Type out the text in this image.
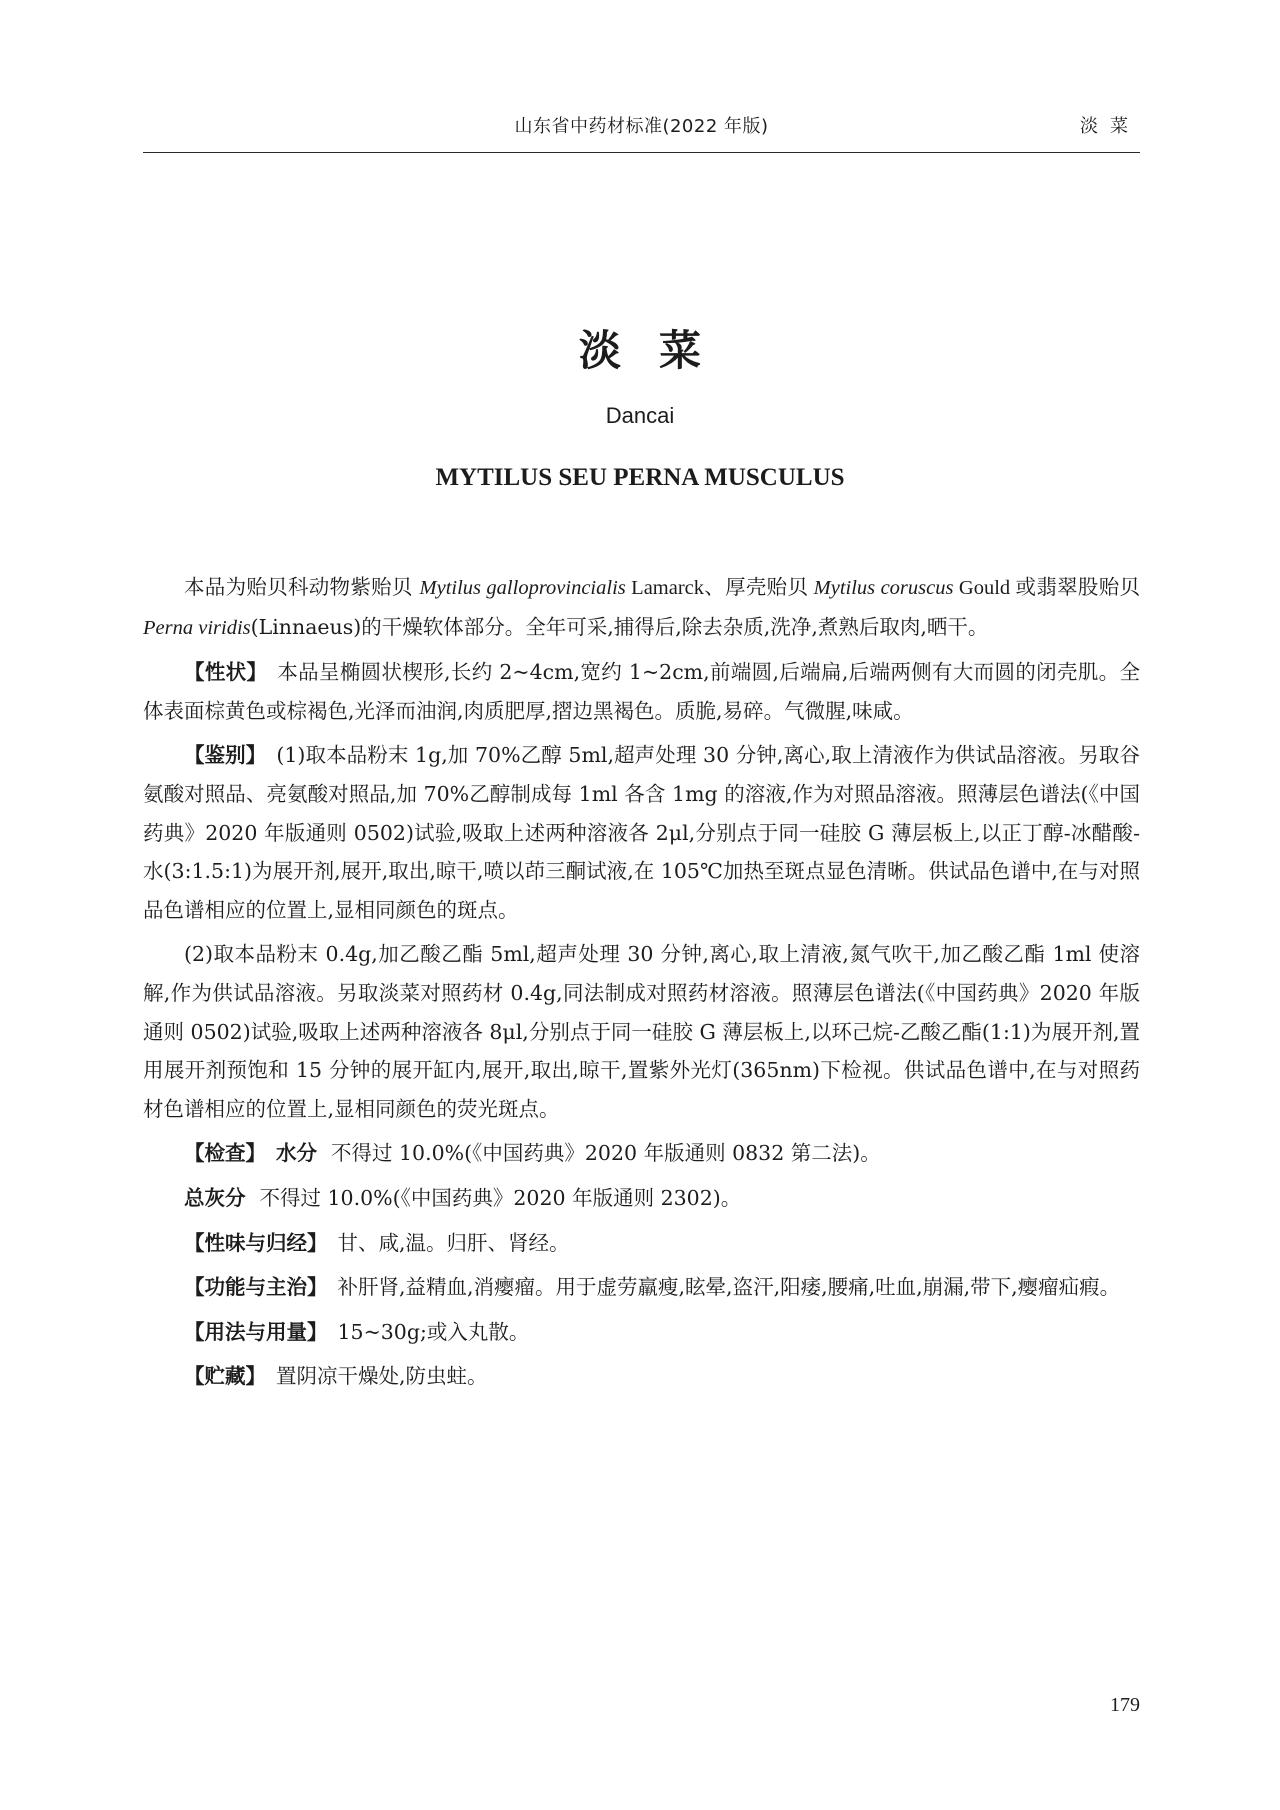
山东省中药材标准(2022 年版)	淡菜
淡菜
Dancai
MYTILUS SEU PERNA MUSCULUS

本品为贻贝科动物紫贻贝 Mytilus galloprovincialis Lamarck、厚壳贻贝 Mytilus coruscus Gould 或翡翠股贻贝 Perna viridis(Linnaeus)的干燥软体部分。全年可采,捕得后,除去杂质,洗净,煮熟后取肉,晒干。

【性状】 本品呈椭圆状楔形,长约 2~4cm,宽约 1~2cm,前端圆,后端扁,后端两侧有大而圆的闭壳肌。全体表面棕黄色或棕褐色,光泽而油润,肉质肥厚,摺边黑褐色。质脆,易碎。气微腥,味咸。

【鉴别】 (1)取本品粉末 1g,加 70%乙醇 5ml,超声处理 30 分钟,离心,取上清液作为供试品溶液。另取谷氨酸对照品、亮氨酸对照品,加 70%乙醇制成每 1ml 各含 1mg 的溶液,作为对照品溶液。照薄层色谱法(《中国药典》2020 年版通则 0502)试验,吸取上述两种溶液各 2μl,分别点于同一硅胶 G 薄层板上,以正丁醇-冰醋酸-水(3:1.5:1)为展开剂,展开,取出,晾干,喷以茚三酮试液,在 105℃加热至斑点显色清晰。供试品色谱中,在与对照品色谱相应的位置上,显相同颜色的斑点。

(2)取本品粉末 0.4g,加乙酸乙酯 5ml,超声处理 30 分钟,离心,取上清液,氮气吹干,加乙酸乙酯 1ml 使溶解,作为供试品溶液。另取淡菜对照药材 0.4g,同法制成对照药材溶液。照薄层色谱法(《中国药典》2020 年版通则 0502)试验,吸取上述两种溶液各 8μl,分别点于同一硅胶 G 薄层板上,以环己烷-乙酸乙酯(1:1)为展开剂,置用展开剂预饱和 15 分钟的展开缸内,展开,取出,晾干,置紫外光灯(365nm)下检视。供试品色谱中,在与对照药材色谱相应的位置上,显相同颜色的荧光斑点。

【检查】 水分 不得过 10.0%(《中国药典》2020 年版通则 0832 第二法)。

总灰分 不得过 10.0%(《中国药典》2020 年版通则 2302)。

【性味与归经】 甘、咸,温。归肝、肾经。

【功能与主治】 补肝肾,益精血,消瘿瘤。用于虚劳羸瘦,眩晕,盗汗,阳痿,腰痛,吐血,崩漏,带下,瘿瘤疝瘕。

【用法与用量】 15~30g;或入丸散。

【贮藏】 置阴凉干燥处,防虫蛀。

179
